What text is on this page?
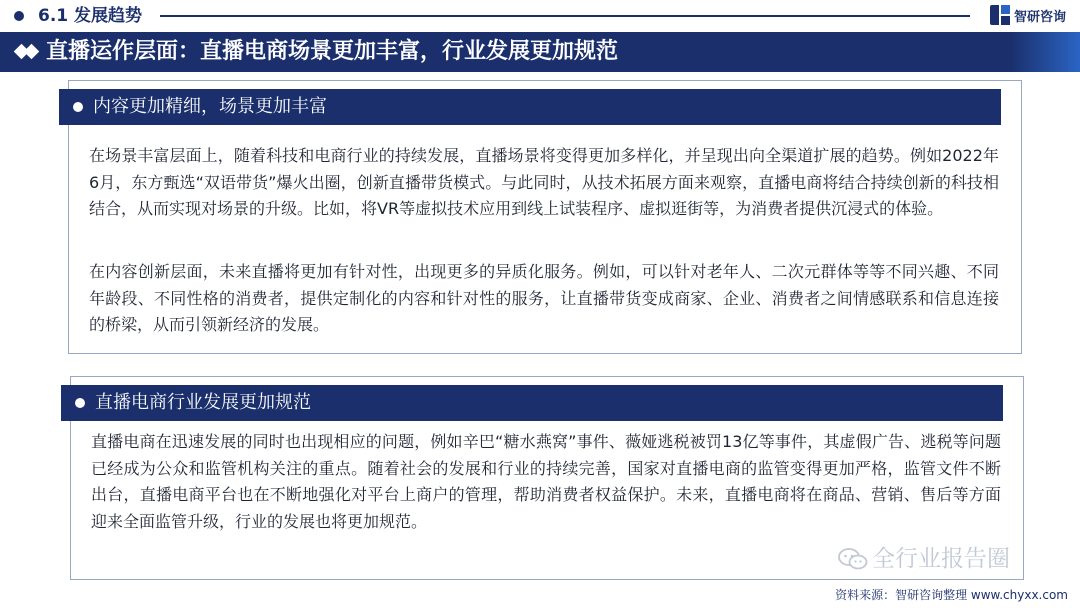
6.1 发展趋势	智研咨询
直播运作层面：直播电商场景更加丰富，行业发展更加规范
内容更加精细，场景更加丰富

在场景丰富层面上，随着科技和电商行业的持续发展，直播场景将变得更加多样化，并呈现出向全渠道扩展的趋势。例如2022年6月，东方甄选“双语带货”爆火出圈，创新直播带货模式。与此同时，从技术拓展方面来观察，直播电商将结合持续创新的科技相结合，从而实现对场景的升级。比如，将VR等虚拟技术应用到线上试装程序、虚拟逛街等，为消费者提供沉浸式的体验。

在内容创新层面，未来直播将更加有针对性，出现更多的异质化服务。例如，可以针对老年人、二次元群体等等不同兴趣、不同年龄段、不同性格的消费者，提供定制化的内容和针对性的服务，让直播带货变成商家、企业、消费者之间情感联系和信息连接的桥梁，从而引领新经济的发展。

直播电商行业发展更加规范

直播电商在迅速发展的同时也出现相应的问题，例如辛巴“糖水燕窝”事件、薇娅逃税被罚13亿等事件，其虚假广告、逃税等问题已经成为公众和监管机构关注的重点。随着社会的发展和行业的持续完善，国家对直播电商的监管变得更加严格，监管文件不断出台，直播电商平台也在不断地强化对平台上商户的管理，帮助消费者权益保护。未来，直播电商将在商品、营销、售后等方面迎来全面监管升级，行业的发展也将更加规范。

全行业报告圈
资料来源：智研咨询整理 www.chyxx.com
